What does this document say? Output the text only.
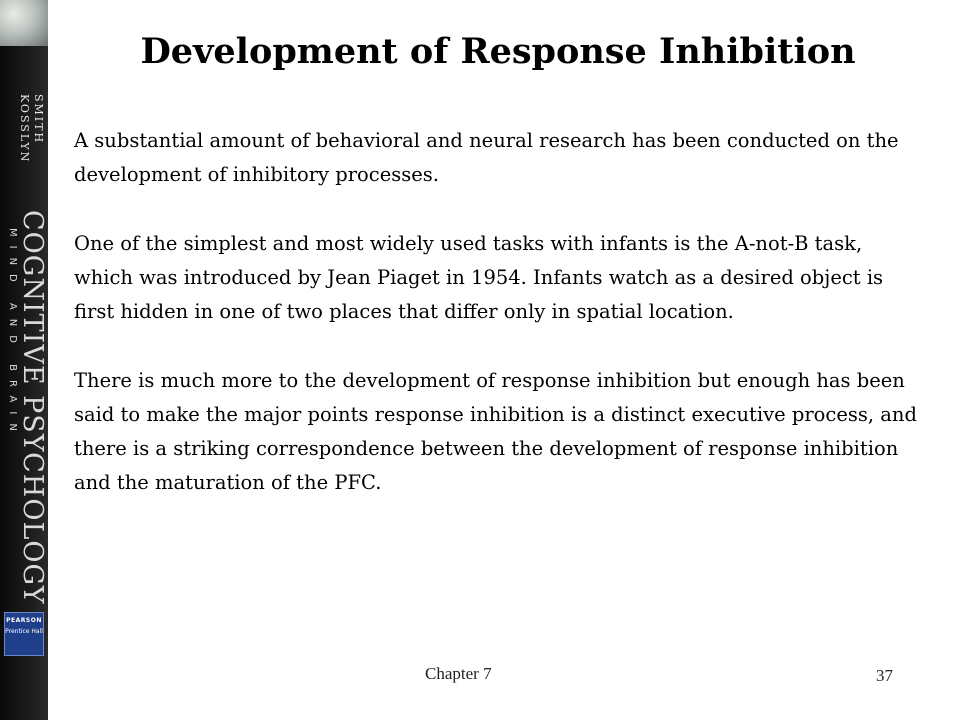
SMITH
KOSSLYN
COGNITIVE PSYCHOLOGY
MIND AND BRAIN
PEARSON
Prentice Hall
Development of Response Inhibition

A substantial amount of behavioral and neural research has been conducted on the development of inhibitory processes.

One of the simplest and most widely used tasks with infants is the A-not-B task, which was introduced by Jean Piaget in 1954. Infants watch as a desired object is first hidden in one of two places that differ only in spatial location.

There is much more to the development of response inhibition but enough has been said to make the major points response inhibition is a distinct executive process, and there is a striking correspondence between the development of response inhibition and the maturation of the PFC.

Chapter 7	37
